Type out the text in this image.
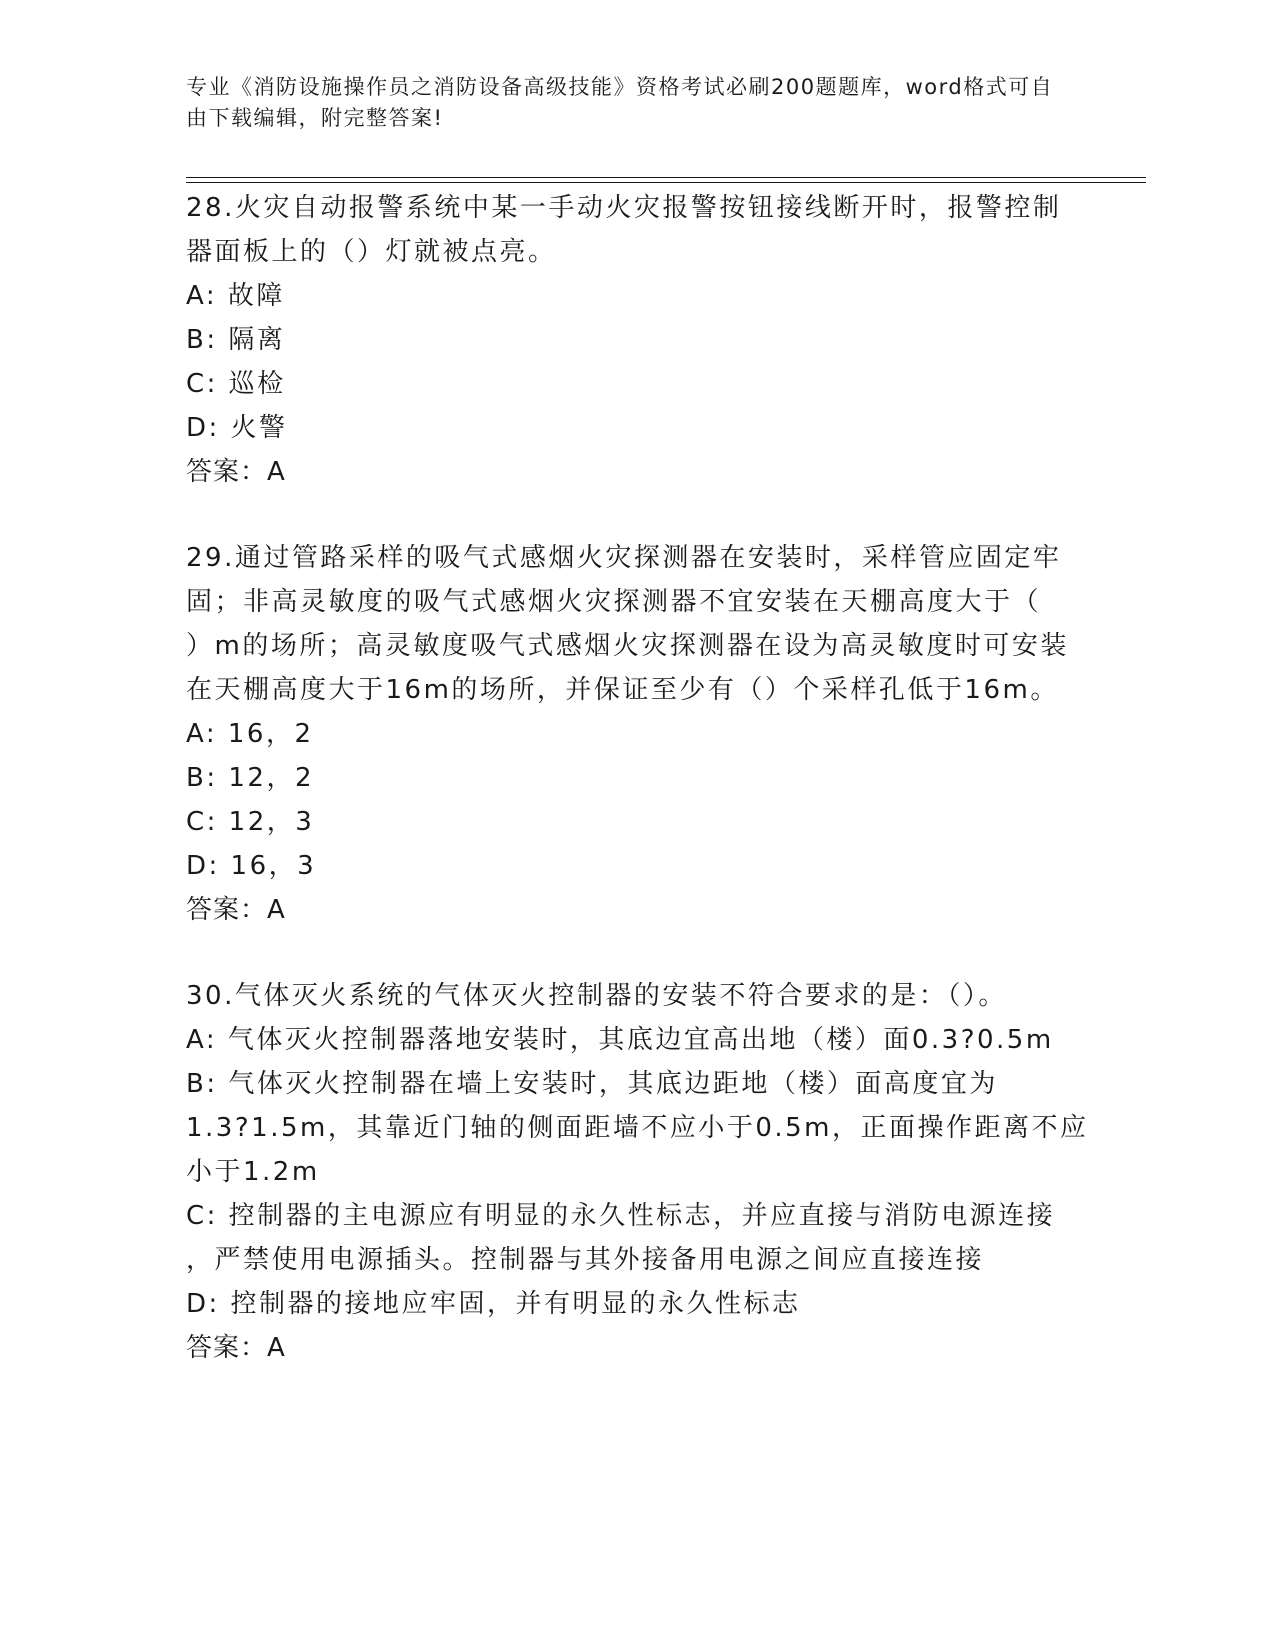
专业《消防设施操作员之消防设备高级技能》资格考试必刷200题题库，word格式可自由下载编辑，附完整答案!
28.火灾自动报警系统中某一手动火灾报警按钮接线断开时，报警控制
器面板上的（）灯就被点亮。
A: 故障
B: 隔离
C: 巡检
D: 火警
答案：A
29.通过管路采样的吸气式感烟火灾探测器在安装时，采样管应固定牢
固；非高灵敏度的吸气式感烟火灾探测器不宜安装在天棚高度大于（
）m的场所；高灵敏度吸气式感烟火灾探测器在设为高灵敏度时可安装
在天棚高度大于16m的场所，并保证至少有（）个采样孔低于16m。
A: 16，2
B: 12，2
C: 12，3
D: 16，3
答案：A
30.气体灭火系统的气体灭火控制器的安装不符合要求的是：（）。
A: 气体灭火控制器落地安装时，其底边宜高出地（楼）面0.3?0.5m
B: 气体灭火控制器在墙上安装时，其底边距地（楼）面高度宜为
1.3?1.5m，其靠近门轴的侧面距墙不应小于0.5m，正面操作距离不应
小于1.2m
C: 控制器的主电源应有明显的永久性标志，并应直接与消防电源连接
，严禁使用电源插头。控制器与其外接备用电源之间应直接连接
D: 控制器的接地应牢固，并有明显的永久性标志
答案：A
